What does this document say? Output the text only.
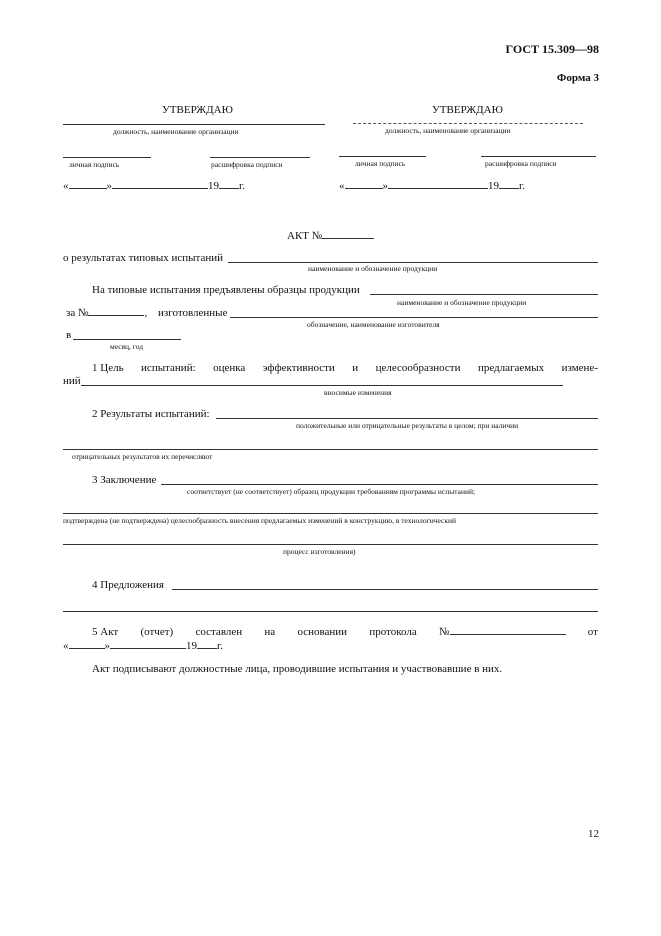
ГОСТ 15.309—98
Форма 3
УТВЕРЖДАЮ
должность, наименование организации
личная подпись	расшифровка подписи
«	»	19 г.
УТВЕРЖДАЮ
должность, наименование организации
личная подпись	расшифровка подписи
«	»	19 г.
АКТ №
о результатах типовых испытаний
наименование и обозначение продукции
На типовые испытания предъявлены образцы продукции
наименование и обозначение продукции
за №	, изготовленные
обозначение, наименование изготовителя
в
месяц, год
1 Цель испытаний: оценка эффективности и целесообразности предлагаемых измене-
ний
вносимые изменения
2 Результаты испытаний:
положительные или отрицательные результаты в целом; при наличии
отрицательных результатов их перечисляют
3 Заключение
соответствует (не соответствует) образец продукции требованиям программы испытаний;
подтверждена (не подтверждена) целесообразность внесения предлагаемых изменений в конструкцию, в технологический
процесс изготовления)
4 Предложения
5 Акт (отчет) составлен на основании протокола №	от
«	»	19 г.
Акт подписывают должностные лица, проводившие испытания и участвовавшие в них.
12
